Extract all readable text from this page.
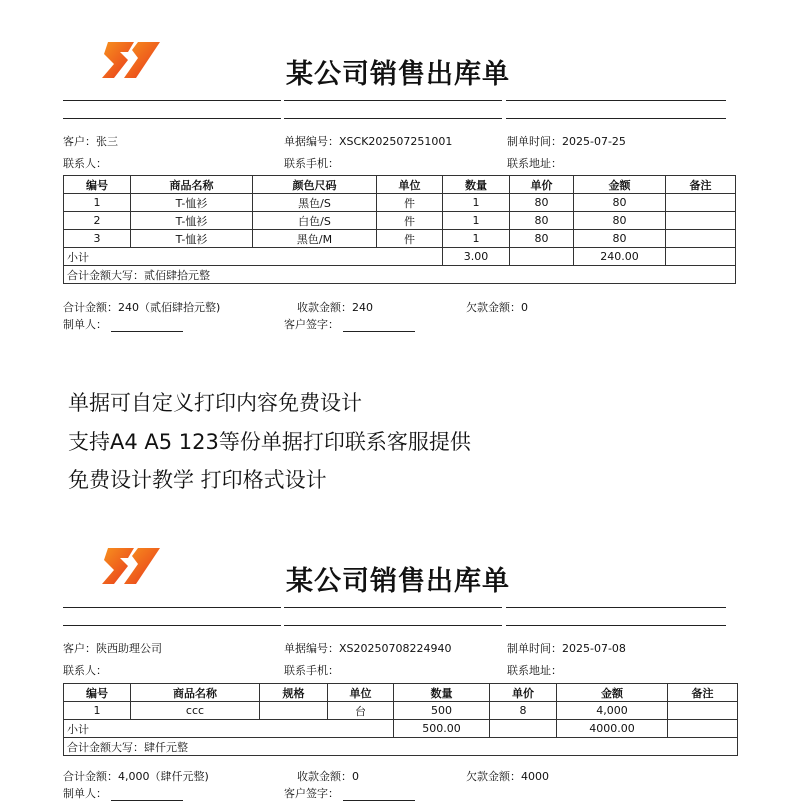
某公司销售出库单
客户：张三	单据编号：XSCK202507251001	制单时间：2025-07-25
联系人：	联系手机：	联系地址：
编号	商品名称	颜色尺码	单位	数量	单价	金额	备注
1	T-恤衫	黑色/S	件	1	80	80	
2	T-恤衫	白色/S	件	1	80	80	
3	T-恤衫	黑色/M	件	1	80	80	
小计				3.00		240.00	
合计金额大写：贰佰肆拾元整							
合计金额：240（贰佰肆拾元整)	收款金额：240	欠款金额：0
制单人：	客户签字：
单据可自定义打印内容免费设计
支持A4 A5 123等份单据打印联系客服提供
免费设计教学 打印格式设计
某公司销售出库单
客户：陕西助理公司	单据编号：XS20250708224940	制单时间：2025-07-08
联系人：	联系手机：	联系地址：
编号	商品名称	规格	单位	数量	单价	金额	备注
1	ccc		台	500	8	4,000	
小计				500.00		4000.00	
合计金额大写：肆仟元整							
合计金额：4,000（肆仟元整)	收款金额：0	欠款金额：4000
制单人：	客户签字：
